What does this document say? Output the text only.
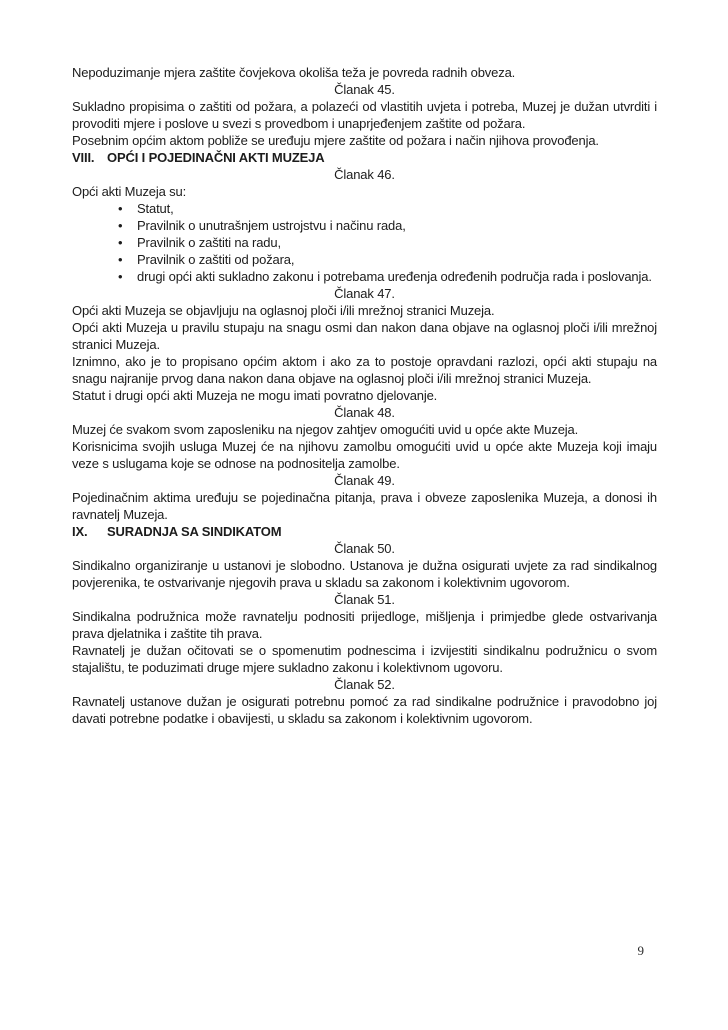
Nepoduzimanje mjera zaštite čovjekova okoliša teža je povreda radnih obveza.

Članak 45.

Sukladno propisima o zaštiti od požara, a polazeći od vlastitih uvjeta i potreba, Muzej je dužan utvrditi i provoditi mjere i poslove u svezi s provedbom i unaprjeđenjem zaštite od požara.

Posebnim općim aktom pobliže se uređuju mjere zaštite od požara i način njihova provođenja.

VIII. OPĆI I POJEDINAČNI AKTI MUZEJA
Članak 46.

Opći akti Muzeja su:

• Statut,
• Pravilnik o unutrašnjem ustrojstvu i načinu rada,
• Pravilnik o zaštiti na radu,
• Pravilnik o zaštiti od požara,
• drugi opći akti sukladno zakonu i potrebama uređenja određenih područja rada i poslovanja.
Članak 47.

Opći akti Muzeja se objavljuju na oglasnoj ploči i/ili mrežnoj stranici Muzeja.

Opći akti Muzeja u pravilu stupaju na snagu osmi dan nakon dana objave na oglasnoj ploči i/ili mrežnoj stranici Muzeja.

Iznimno, ako je to propisano općim aktom i ako za to postoje opravdani razlozi, opći akti stupaju na snagu najranije prvog dana nakon dana objave na oglasnoj ploči i/ili mrežnoj stranici Muzeja.

Statut i drugi opći akti Muzeja ne mogu imati povratno djelovanje.

Članak 48.

Muzej će svakom svom zaposleniku na njegov zahtjev omogućiti uvid u opće akte Muzeja.

Korisnicima svojih usluga Muzej će na njihovu zamolbu omogućiti uvid u opće akte Muzeja koji imaju veze s uslugama koje se odnose na podnositelja zamolbe.

Članak 49.

Pojedinačnim aktima uređuju se pojedinačna pitanja, prava i obveze zaposlenika Muzeja, a donosi ih ravnatelj Muzeja.

IX. SURADNJA SA SINDIKATOM
Članak 50.

Sindikalno organiziranje u ustanovi je slobodno. Ustanova je dužna osigurati uvjete za rad sindikalnog povjerenika, te ostvarivanje njegovih prava u skladu sa zakonom i kolektivnim ugovorom.

Članak 51.

Sindikalna podružnica može ravnatelju podnositi prijedloge, mišljenja i primjedbe glede ostvarivanja prava djelatnika i zaštite tih prava.

Ravnatelj je dužan očitovati se o spomenutim podnescima i izvijestiti sindikalnu podružnicu o svom stajalištu, te poduzimati druge mjere sukladno zakonu i kolektivnom ugovoru.

Članak 52.

Ravnatelj ustanove dužan je osigurati potrebnu pomoć za rad sindikalne podružnice i pravodobno joj davati potrebne podatke i obavijesti, u skladu sa zakonom i kolektivnim ugovorom.

9
